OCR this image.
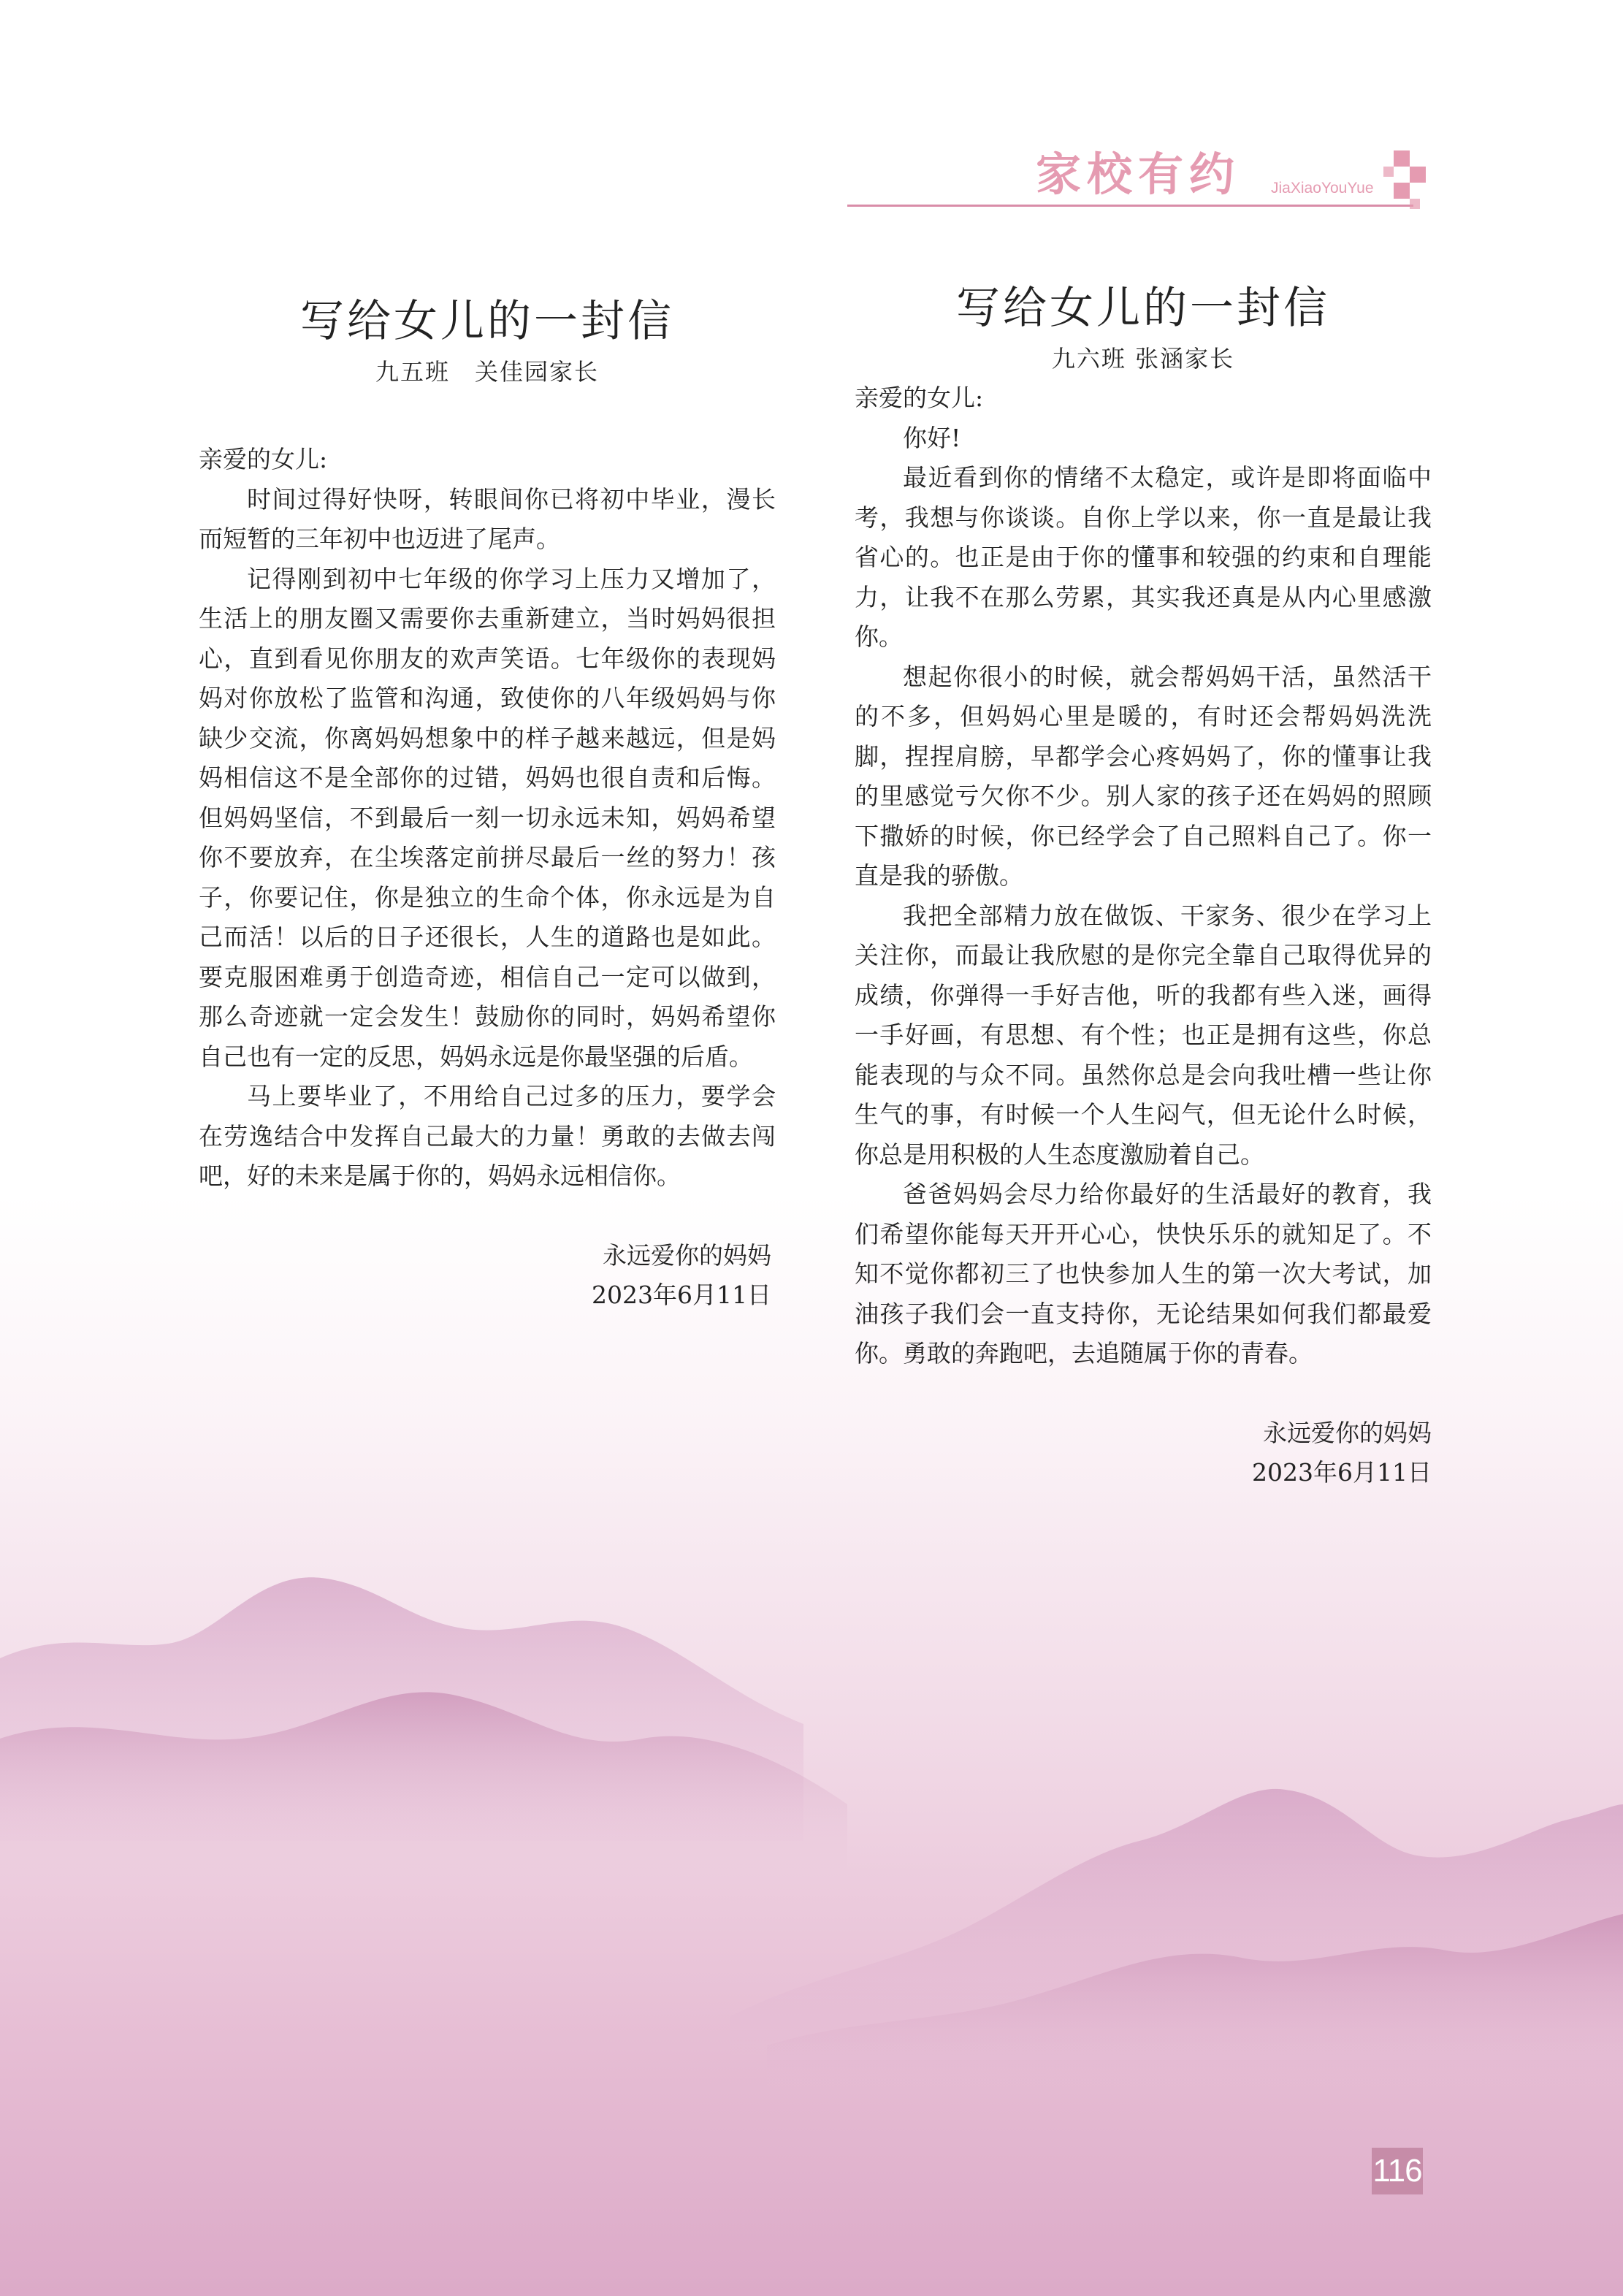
家校有约 JiaXiaoYouYue
写给女儿的一封信

九五班　关佳园家长

亲爱的女儿:

时间过得好快呀，转眼间你已将初中毕业，漫长而短暂的三年初中也迈进了尾声。

记得刚到初中七年级的你学习上压力又增加了，生活上的朋友圈又需要你去重新建立，当时妈妈很担心，直到看见你朋友的欢声笑语。七年级你的表现妈妈对你放松了监管和沟通，致使你的八年级妈妈与你缺少交流，你离妈妈想象中的样子越来越远，但是妈妈相信这不是全部你的过错，妈妈也很自责和后悔。但妈妈坚信，不到最后一刻一切永远未知，妈妈希望你不要放弃，在尘埃落定前拼尽最后一丝的努力！孩子，你要记住，你是独立的生命个体，你永远是为自己而活！以后的日子还很长，人生的道路也是如此。要克服困难勇于创造奇迹，相信自己一定可以做到，那么奇迹就一定会发生！鼓励你的同时，妈妈希望你自己也有一定的反思，妈妈永远是你最坚强的后盾。

马上要毕业了，不用给自己过多的压力，要学会在劳逸结合中发挥自己最大的力量！勇敢的去做去闯吧，好的未来是属于你的，妈妈永远相信你。

永远爱你的妈妈

2023年6月11日

写给女儿的一封信

九六班 张涵家长

亲爱的女儿:

你好!

最近看到你的情绪不太稳定，或许是即将面临中考，我想与你谈谈。自你上学以来，你一直是最让我省心的。也正是由于你的懂事和较强的约束和自理能力，让我不在那么劳累，其实我还真是从内心里感激你。

想起你很小的时候，就会帮妈妈干活，虽然活干的不多，但妈妈心里是暖的，有时还会帮妈妈洗洗脚，捏捏肩膀，早都学会心疼妈妈了，你的懂事让我的里感觉亏欠你不少。别人家的孩子还在妈妈的照顾下撒娇的时候，你已经学会了自己照料自己了。你一直是我的骄傲。

我把全部精力放在做饭、干家务、很少在学习上关注你，而最让我欣慰的是你完全靠自己取得优异的成绩，你弹得一手好吉他，听的我都有些入迷，画得一手好画，有思想、有个性；也正是拥有这些，你总能表现的与众不同。虽然你总是会向我吐槽一些让你生气的事，有时候一个人生闷气，但无论什么时候，你总是用积极的人生态度激励着自己。

爸爸妈妈会尽力给你最好的生活最好的教育，我们希望你能每天开开心心，快快乐乐的就知足了。不知不觉你都初三了也快参加人生的第一次大考试，加油孩子我们会一直支持你，无论结果如何我们都最爱你。勇敢的奔跑吧，去追随属于你的青春。

永远爱你的妈妈

2023年6月11日

116
